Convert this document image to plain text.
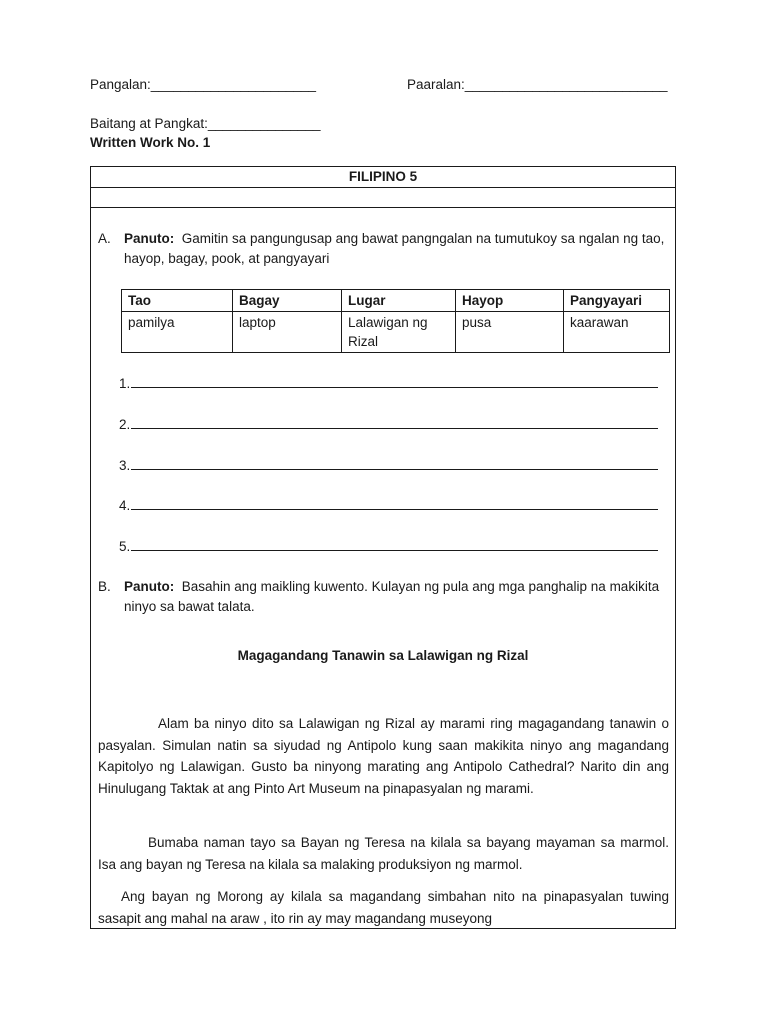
Pangalan:______________________	Paaralan:___________________________
Baitang at Pangkat:_______________
Written Work No. 1
FILIPINO 5
A. Panuto: Gamitin sa pangungusap ang bawat pangngalan na tumutukoy sa ngalan ng tao, hayop, bagay, pook, at pangyayari
Tao	Bagay	Lugar	Hayop	Pangyayari
pamilya	laptop	Lalawigan ng Rizal	pusa	kaarawan
1.
2.
3.
4.
5.
B. Panuto: Basahin ang maikling kuwento. Kulayan ng pula ang mga panghalip na makikita ninyo sa bawat talata.
Magagandang Tanawin sa Lalawigan ng Rizal
Alam ba ninyo dito sa Lalawigan ng Rizal ay marami ring magagandang tanawin o pasyalan. Simulan natin sa siyudad ng Antipolo kung saan makikita ninyo ang magandang Kapitolyo ng Lalawigan. Gusto ba ninyong marating ang Antipolo Cathedral? Narito din ang Hinulugang Taktak at ang Pinto Art Museum na pinapasyalan ng marami.
Bumaba naman tayo sa Bayan ng Teresa na kilala sa bayang mayaman sa marmol. Isa ang bayan ng Teresa na kilala sa malaking produksiyon ng marmol.
Ang bayan ng Morong ay kilala sa magandang simbahan nito na pinapasyalan tuwing sasapit ang mahal na araw , ito rin ay may magandang museyong
